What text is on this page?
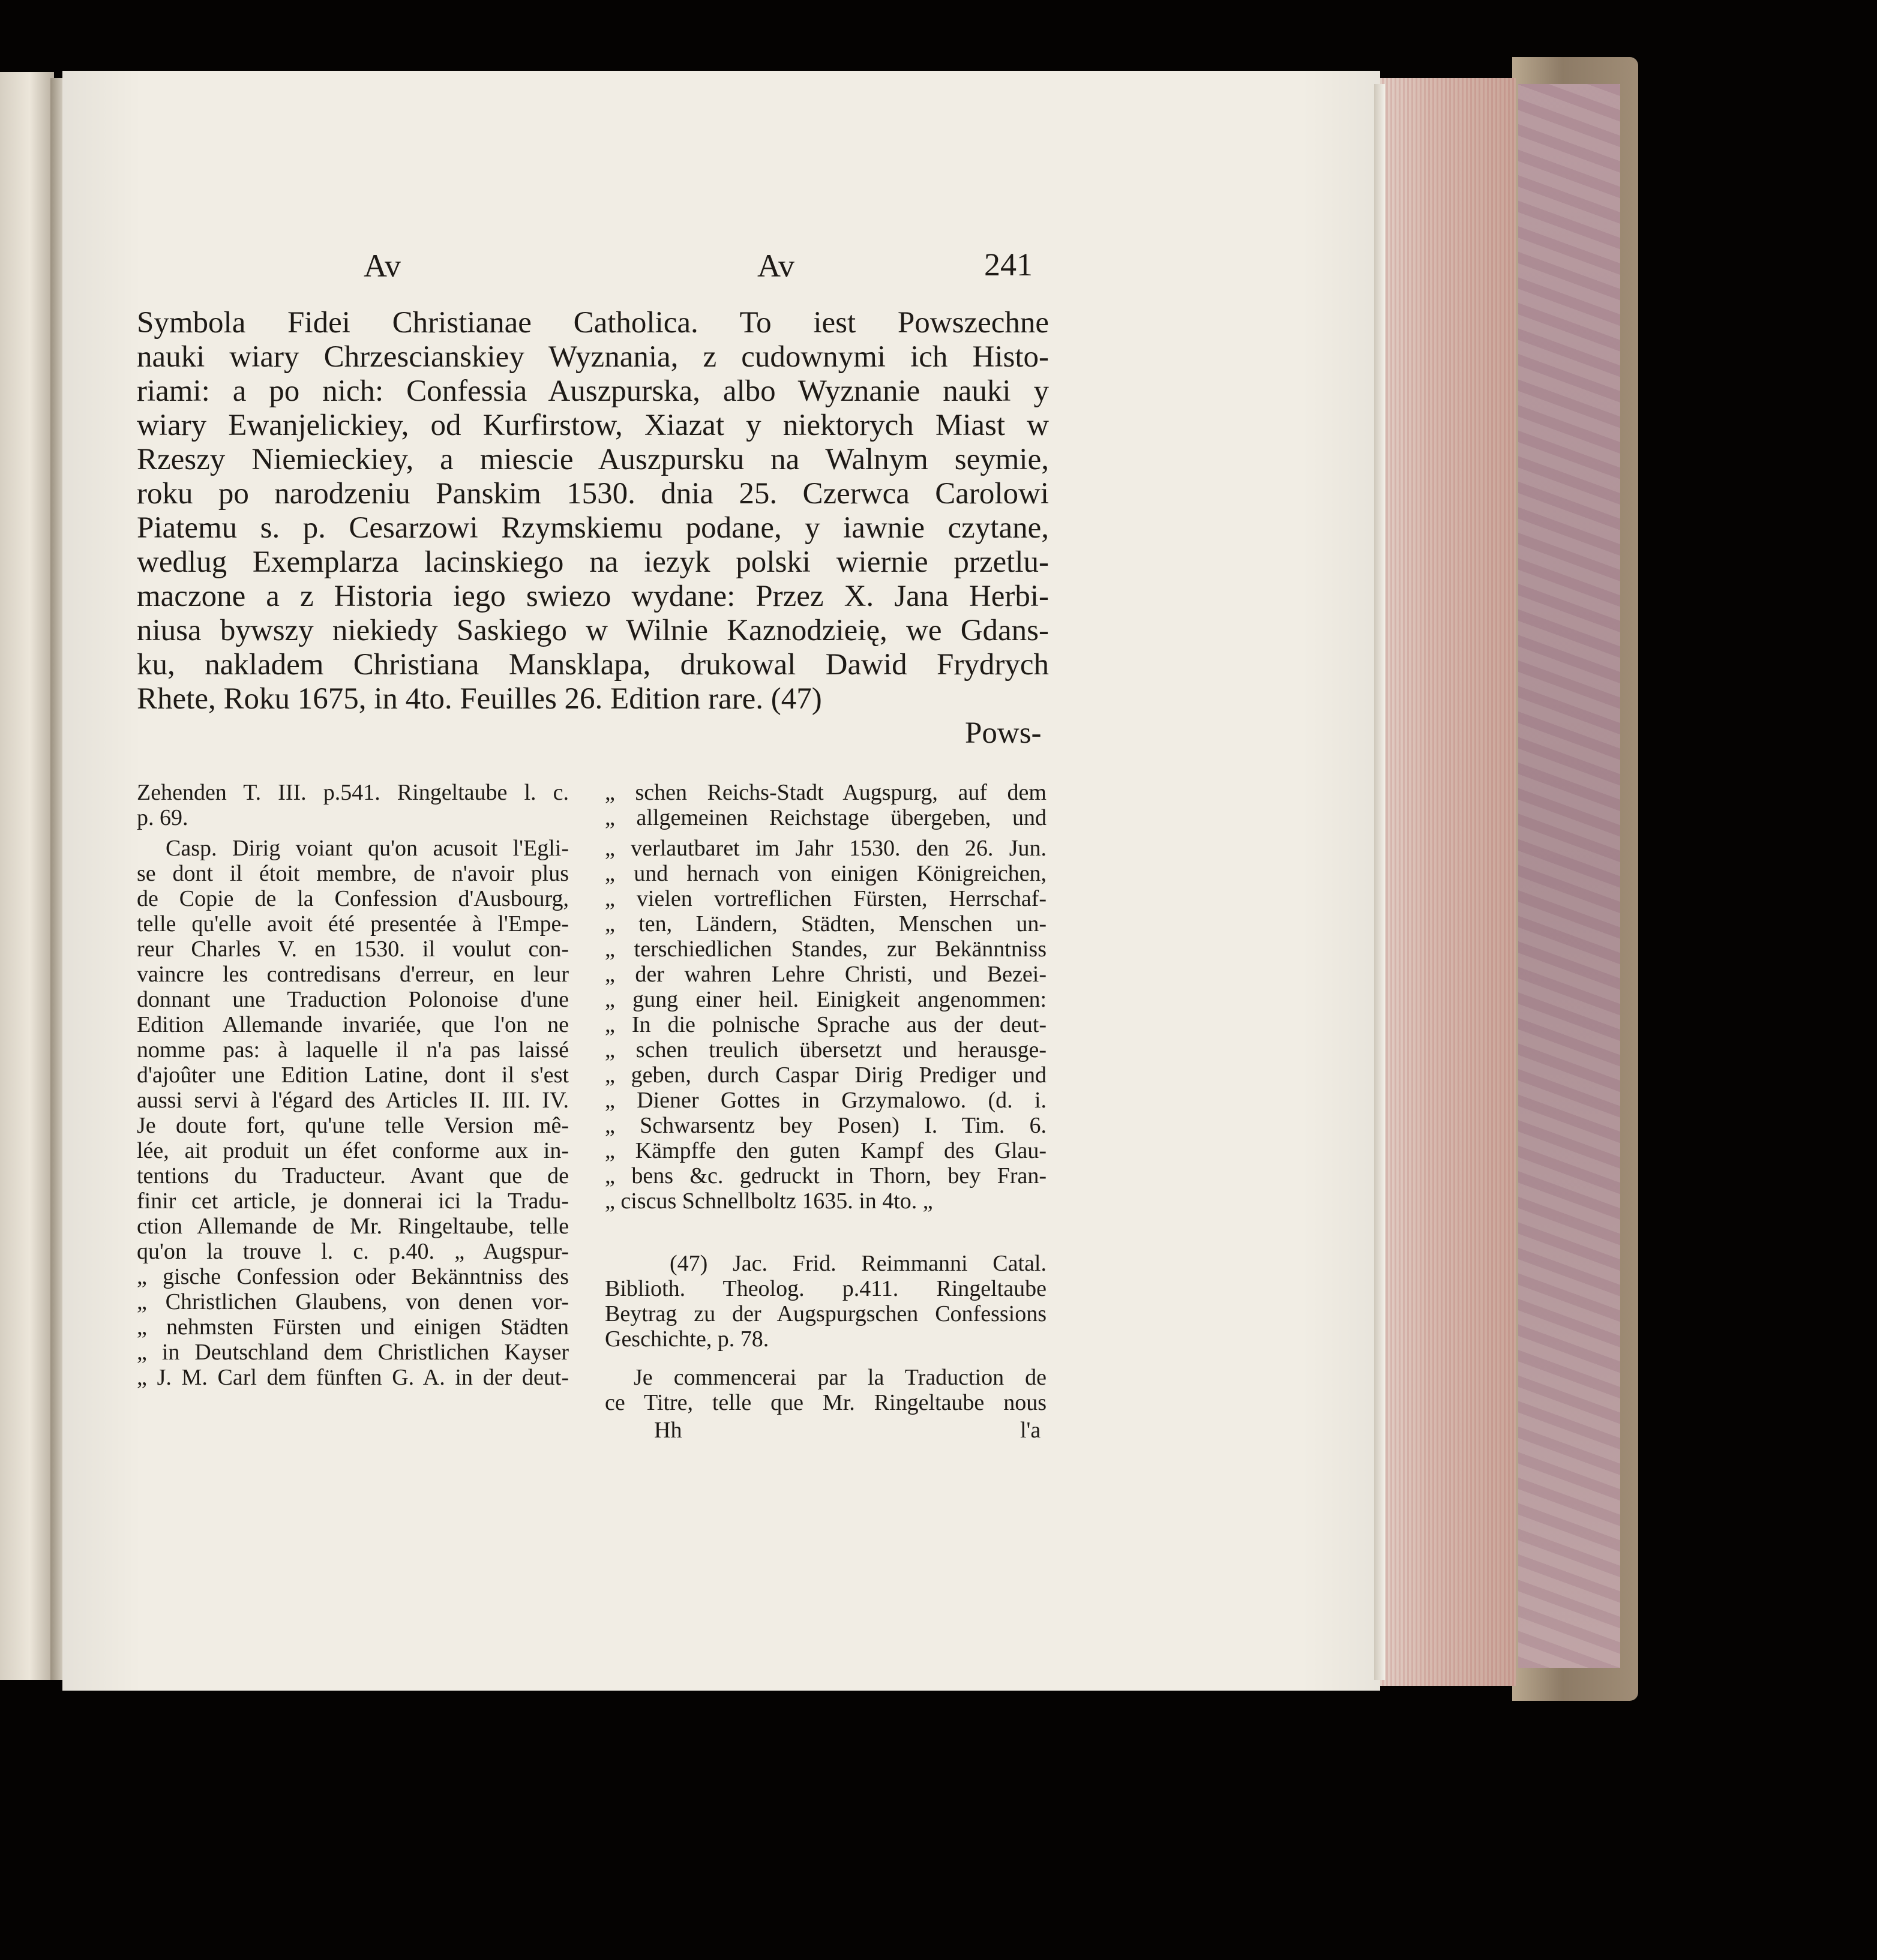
Av	Av	241
Symbola Fidei Christianae Catholica. To iest Powszechne
nauki wiary Chrzescianskiey Wyznania, z cudownymi ich Histo-
riami: a po nich: Confessia Auszpurska, albo Wyznanie nauki y
wiary Ewanjelickiey, od Kurfirstow, Xiazat y niektorych Miast w
Rzeszy Niemieckiey, a miescie Auszpursku na Walnym seymie,
roku po narodzeniu Panskim 1530. dnia 25. Czerwca Carolowi
Piatemu s. p. Cesarzowi Rzymskiemu podane, y iawnie czytane,
wedlug Exemplarza lacinskiego na iezyk polski wiernie przetlu-
maczone a z Historia iego swiezo wydane: Przez X. Jana Herbi-
niusa bywszy niekiedy Saskiego w Wilnie Kaznodzieię, we Gdans-
ku, nakladem Christiana Mansklapa, drukowal Dawid Frydrych
Rhete, Roku 1675, in 4to. Feuilles 26. Edition rare. (47)
Pows-
Zehenden T. III. p.541. Ringeltaube l. c.
p. 69.
Casp. Dirig voiant qu'on acusoit l'Egli-
se dont il étoit membre, de n'avoir plus
de Copie de la Confession d'Ausbourg,
telle qu'elle avoit été presentée à l'Empe-
reur Charles V. en 1530. il voulut con-
vaincre les contredisans d'erreur, en leur
donnant une Traduction Polonoise d'une
Edition Allemande invariée, que l'on ne
nomme pas: à laquelle il n'a pas laissé
d'ajoûter une Edition Latine, dont il s'est
aussi servi à l'égard des Articles II. III. IV.
Je doute fort, qu'une telle Version mê-
lée, ait produit un éfet conforme aux in-
tentions du Traducteur. Avant que de
finir cet article, je donnerai ici la Tradu-
ction Allemande de Mr. Ringeltaube, telle
qu'on la trouve l. c. p.40. „ Augspur-
„ gische Confession oder Bekänntniss des
„ Christlichen Glaubens, von denen vor-
„ nehmsten Fürsten und einigen Städten
„ in Deutschland dem Christlichen Kayser
„ J. M. Carl dem fünften G. A. in der deut-
„ schen Reichs-Stadt Augspurg, auf dem
„ allgemeinen Reichstage übergeben, und
„ verlautbaret im Jahr 1530. den 26. Jun.
„ und hernach von einigen Königreichen,
„ vielen vortreflichen Fürsten, Herrschaf-
„ ten, Ländern, Städten, Menschen un-
„ terschiedlichen Standes, zur Bekänntniss
„ der wahren Lehre Christi, und Bezei-
„ gung einer heil. Einigkeit angenommen:
„ In die polnische Sprache aus der deut-
„ schen treulich übersetzt und herausge-
„ geben, durch Caspar Dirig Prediger und
„ Diener Gottes in Grzymalowo. (d. i.
„ Schwarsentz bey Posen) I. Tim. 6.
„ Kämpffe den guten Kampf des Glau-
„ bens &c. gedruckt in Thorn, bey Fran-
„ ciscus Schnellboltz 1635. in 4to. „
(47) Jac. Frid. Reimmanni Catal.
Biblioth. Theolog. p.411. Ringeltaube
Beytrag zu der Augspurgschen Confessions
Geschichte, p. 78.
Je commencerai par la Traduction de
ce Titre, telle que Mr. Ringeltaube nous
Hh	l'a
